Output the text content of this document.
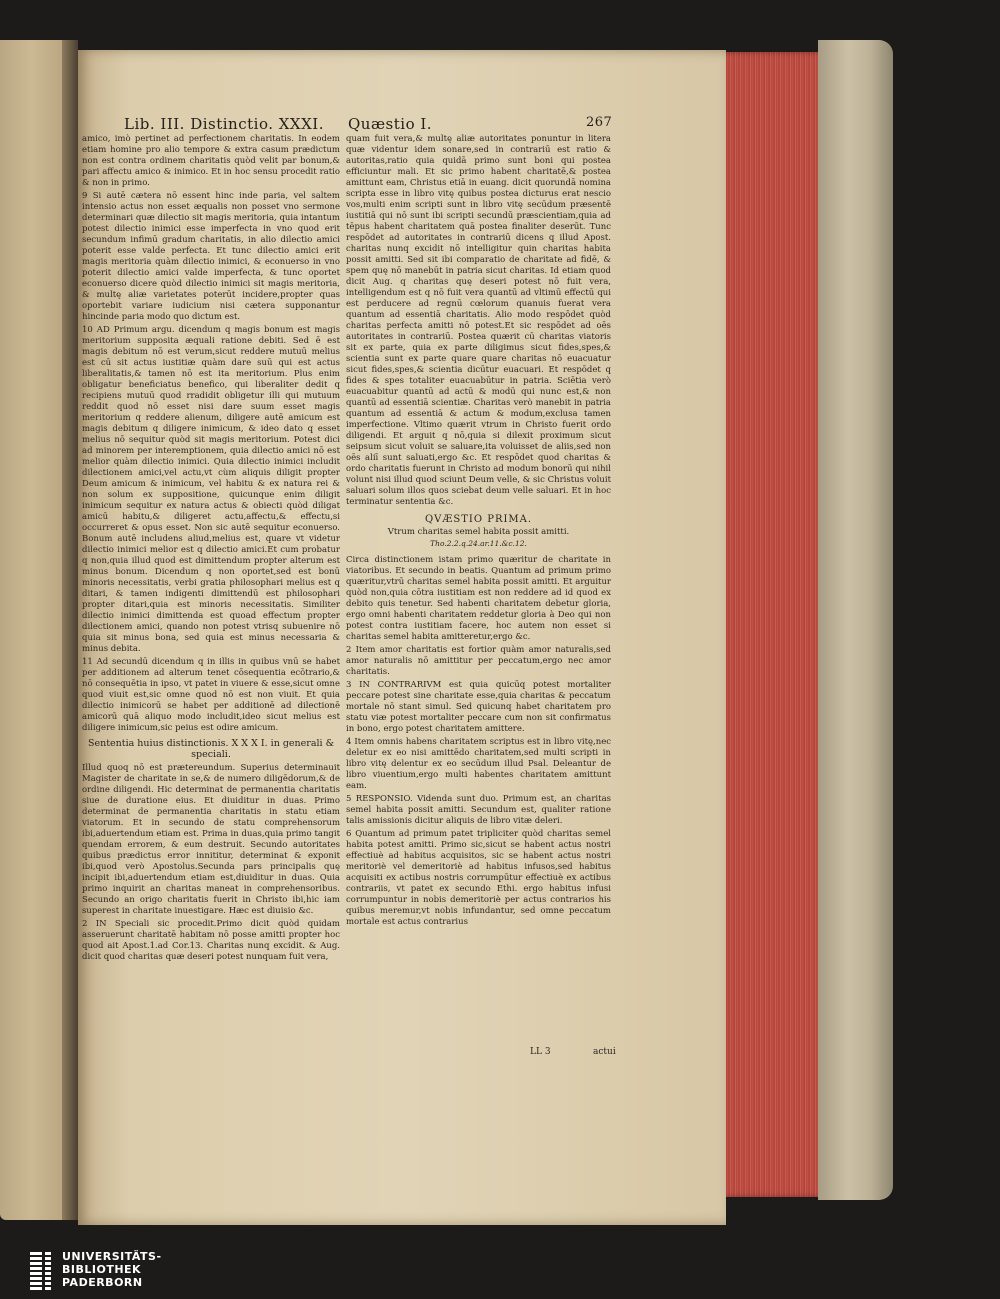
Lib. III. Distinctio. XXXI. Quæstio I.	267

amico, imò pertinet ad perfectionem charitatis. In eodem etiam homine pro alio tempore & extra casum prædictum non est contra ordinem charitatis quòd velit par bonum,& pari affectu amico & inimico. Et in hoc sensu procedit ratio & non in primo.

9 Si autē cætera nō essent hinc inde paria, vel saltem intensio actus non esset æqualis non posset vno sermone determinari quæ dilectio sit magis meritoria, quia intantum potest dilectio inimici esse imperfecta in vno quod erit secundum infimū gradum charitatis, in alio dilectio amici poterit esse valde perfecta. Et tunc dilectio amici erit magis meritoria quàm dilectio inimici, & econuerso in vno poterit dilectio amici valde imperfecta, & tunc oportet econuerso dicere quòd dilectio inimici sit magis meritoria, & multę aliæ varietates poterūt incidere,propter quas oportebit variare iudicium nisi cætera supponantur hincinde paria modo quo dictum est.

10 AD Primum argu. dicendum q magis bonum est magis meritorium supposita æquali ratione debiti. Sed ē est magis debitum nō est verum,sicut reddere mutuū melius est cū sit actus iustitiæ quàm dare suū qui est actus liberalitatis,& tamen nō est ita meritorium. Plus enim obligatur beneficiatus benefico, qui liberaliter dedit q recipiens mutuū quod rradidit obligetur illi qui mutuum reddit quod nō esset nisi dare suum esset magis meritorium q reddere alienum, diligere autē amicum est magis debitum q diligere inimicum, & ideo dato q esset melius nō sequitur quòd sit magis meritorium. Potest dici ad minorem per interemptionem, quia dilectio amici nō est melior quàm dilectio inimici. Quia dilectio inimici includit dilectionem amici,vel actu,vt cùm aliquis diligit propter Deum amicum & inimicum, vel habitu & ex natura rei & non solum ex suppositione, quicunque enim diligit inimicum sequitur ex natura actus & obiecti quòd diligat amicū habitu,& diligeret actu,affectu,& effectu,si occurreret & opus esset. Non sic autē sequitur econuerso. Bonum autē includens aliud,melius est, quare vt videtur dilectio inimici melior est q dilectio amici.Et cum probatur q non,quia illud quod est dimittendum propter alterum est minus bonum. Dicendum q non oportet,sed est bonū minoris necessitatis, verbi gratia philosophari melius est q ditari, & tamen indigenti dimittendū est philosophari propter ditari,quia est minoris necessitatis. Similiter dilectio inimici dimittenda est quoad effectum propter dilectionem amici, quando non potest vtrisq subuenire nō quia sit minus bona, sed quia est minus necessaria & minus debita.

11 Ad secundū dicendum q in illis in quibus vnū se habet per additionem ad alterum tenet cōsequentia ecōtrario,& nō consequētia in ipso, vt patet in viuere & esse,sicut omne quod viuit est,sic omne quod nō est non viuit. Et quia dilectio inimicorū se habet per additionē ad dilectionē amicorū quā aliquo modo includit,ideo sicut melius est diligere inimicum,sic peius est odire amicum.

Sententia huius distinctionis. X X X I. in generali & speciali.

Illud quoq nō est prætereundum. Superius determinauit Magister de charitate in se,& de numero diligēdorum,& de ordine diligendi. Hic determinat de permanentia charitatis siue de duratione eius. Et diuiditur in duas. Primo determinat de permanentia charitatis in statu etiam viatorum. Et in secundo de statu comprehensorum ibi,aduertendum etiam est. Prima in duas,quia primo tangit quendam errorem, & eum destruit. Secundo autoritates quibus prædictus error innititur, determinat & exponit ibi,quod verò Apostolus.Secunda pars principalis quę incipit ibi,aduertendum etiam est,diuiditur in duas. Quia primo inquirit an charitas maneat in comprehensoribus. Secundo an origo charitatis fuerit in Christo ibi,hic iam superest in charitate inuestigare. Hæc est diuisio &c.

2 IN Speciali sic procedit.Primo dicit quòd quidam asseruerunt charitatē habitam nō posse amitti propter hoc quod ait Apost.1.ad Cor.13. Charitas nunq excidit. & Aug. dicit quod charitas quæ deseri potest nunquam fuit vera,

quam fuit vera,& multę aliæ autoritates ponuntur in litera quæ videntur idem sonare,sed in contrariū est ratio & autoritas,ratio quia quidā primo sunt boni qui postea efficiuntur mali. Et sic primo habent charitatē,& postea amittunt eam, Christus etiā in euang. dicit quorundā nomina scripta esse in libro vitę quibus postea dicturus erat nescio vos,multi enim scripti sunt in libro vitę secūdum præsentē iustitiā qui nō sunt ibi scripti secundū præscientiam,quia ad tēpus habent charitatem quā postea finaliter deserūt. Tunc respōdet ad autoritates in contrariū dicens q illud Apost. charitas nunq excidit nō intelligitur quin charitas habita possit amitti. Sed sit ibi comparatio de charitate ad fidē, & spem quę nō manebūt in patria sicut charitas. Id etiam quod dicit Aug. q charitas quę deseri potest nō fuit vera, intelligendum est q nō fuit vera quantū ad vltimū effectū qui est perducere ad regnū cœlorum quanuis fuerat vera quantum ad essentiā charitatis. Alio modo respōdet quòd charitas perfecta amitti nō potest.Et sic respōdet ad oēs autoritates in contrariū. Postea quærit cū charitas viatoris sit ex parte, quia ex parte diligimus sicut fides,spes,& scientia sunt ex parte quare quare charitas nō euacuatur sicut fides,spes,& scientia dicūtur euacuari. Et respōdet q fides & spes totaliter euacuabūtur in patria. Sciētia verò euacuabitur quantū ad actū & modū qui nunc est,& non quantū ad essentiā scientiæ. Charitas verò manebit in patria quantum ad essentiā & actum & modum,exclusa tamen imperfectione. Vltimo quærit vtrum in Christo fuerit ordo diligendi. Et arguit q nō,quia si dilexit proximum sicut seipsum sicut voluit se saluare,ita voluisset de aliis,sed non oēs aliī sunt saluati,ergo &c. Et respōdet quod charitas & ordo charitatis fuerunt in Christo ad modum bonorū qui nihil volunt nisi illud quod sciunt Deum velle, & sic Christus voluit saluari solum illos quos sciebat deum velle saluari. Et in hoc terminatur sententia &c.

QVÆSTIO PRIMA.
Vtrum charitas semel habita possit amitti.
Tho.2.2.q.24.ar.11.&c.12.

Circa distinctionem istam primo quæritur de charitate in viatoribus. Et secundo in beatis. Quantum ad primum primo quæritur,vtrū charitas semel habita possit amitti. Et arguitur quòd non,quia cōtra iustitiam est non reddere ad id quod ex debito quis tenetur. Sed habenti charitatem debetur gloria, ergo omni habenti charitatem reddetur gloria à Deo qui non potest contra iustitiam facere, hoc autem non esset si charitas semel habita amitteretur,ergo &c.

2 Item amor charitatis est fortior quàm amor naturalis,sed amor naturalis nō amittitur per peccatum,ergo nec amor charitatis.

3 IN CONTRARIVM est quia quicūq potest mortaliter peccare potest sine charitate esse,quia charitas & peccatum mortale nō stant simul. Sed quicunq habet charitatem pro statu viæ potest mortaliter peccare cum non sit confirmatus in bono, ergo potest charitatem amittere.

4 Item omnis habens charitatem scriptus est in libro vitę,nec deletur ex eo nisi amittēdo charitatem,sed multi scripti in libro vitę delentur ex eo secūdum illud Psal. Deleantur de libro viuentium,ergo multi habentes charitatem amittunt eam.

5 RESPONSIO. Videnda sunt duo. Primum est, an charitas semel habita possit amitti. Secundum est, qualiter ratione talis amissionis dicitur aliquis de libro vitæ deleri.

6 Quantum ad primum patet tripliciter quòd charitas semel habita potest amitti. Primo sic,sicut se habent actus nostri effectiuè ad habitus acquisitos, sic se habent actus nostri meritoriè vel demeritoriè ad habitus infusos,sed habitus acquisiti ex actibus nostris corrumpūtur effectiuè ex actibus contrariis, vt patet ex secundo Ethi. ergo habitus infusi corrumpuntur in nobis demeritoriè per actus contrarios his quibus meremur,vt nobis infundantur, sed omne peccatum mortale est actus contrarius

LL 3	actui
UNIVERSITÄTS-
BIBLIOTHEK
PADERBORN
